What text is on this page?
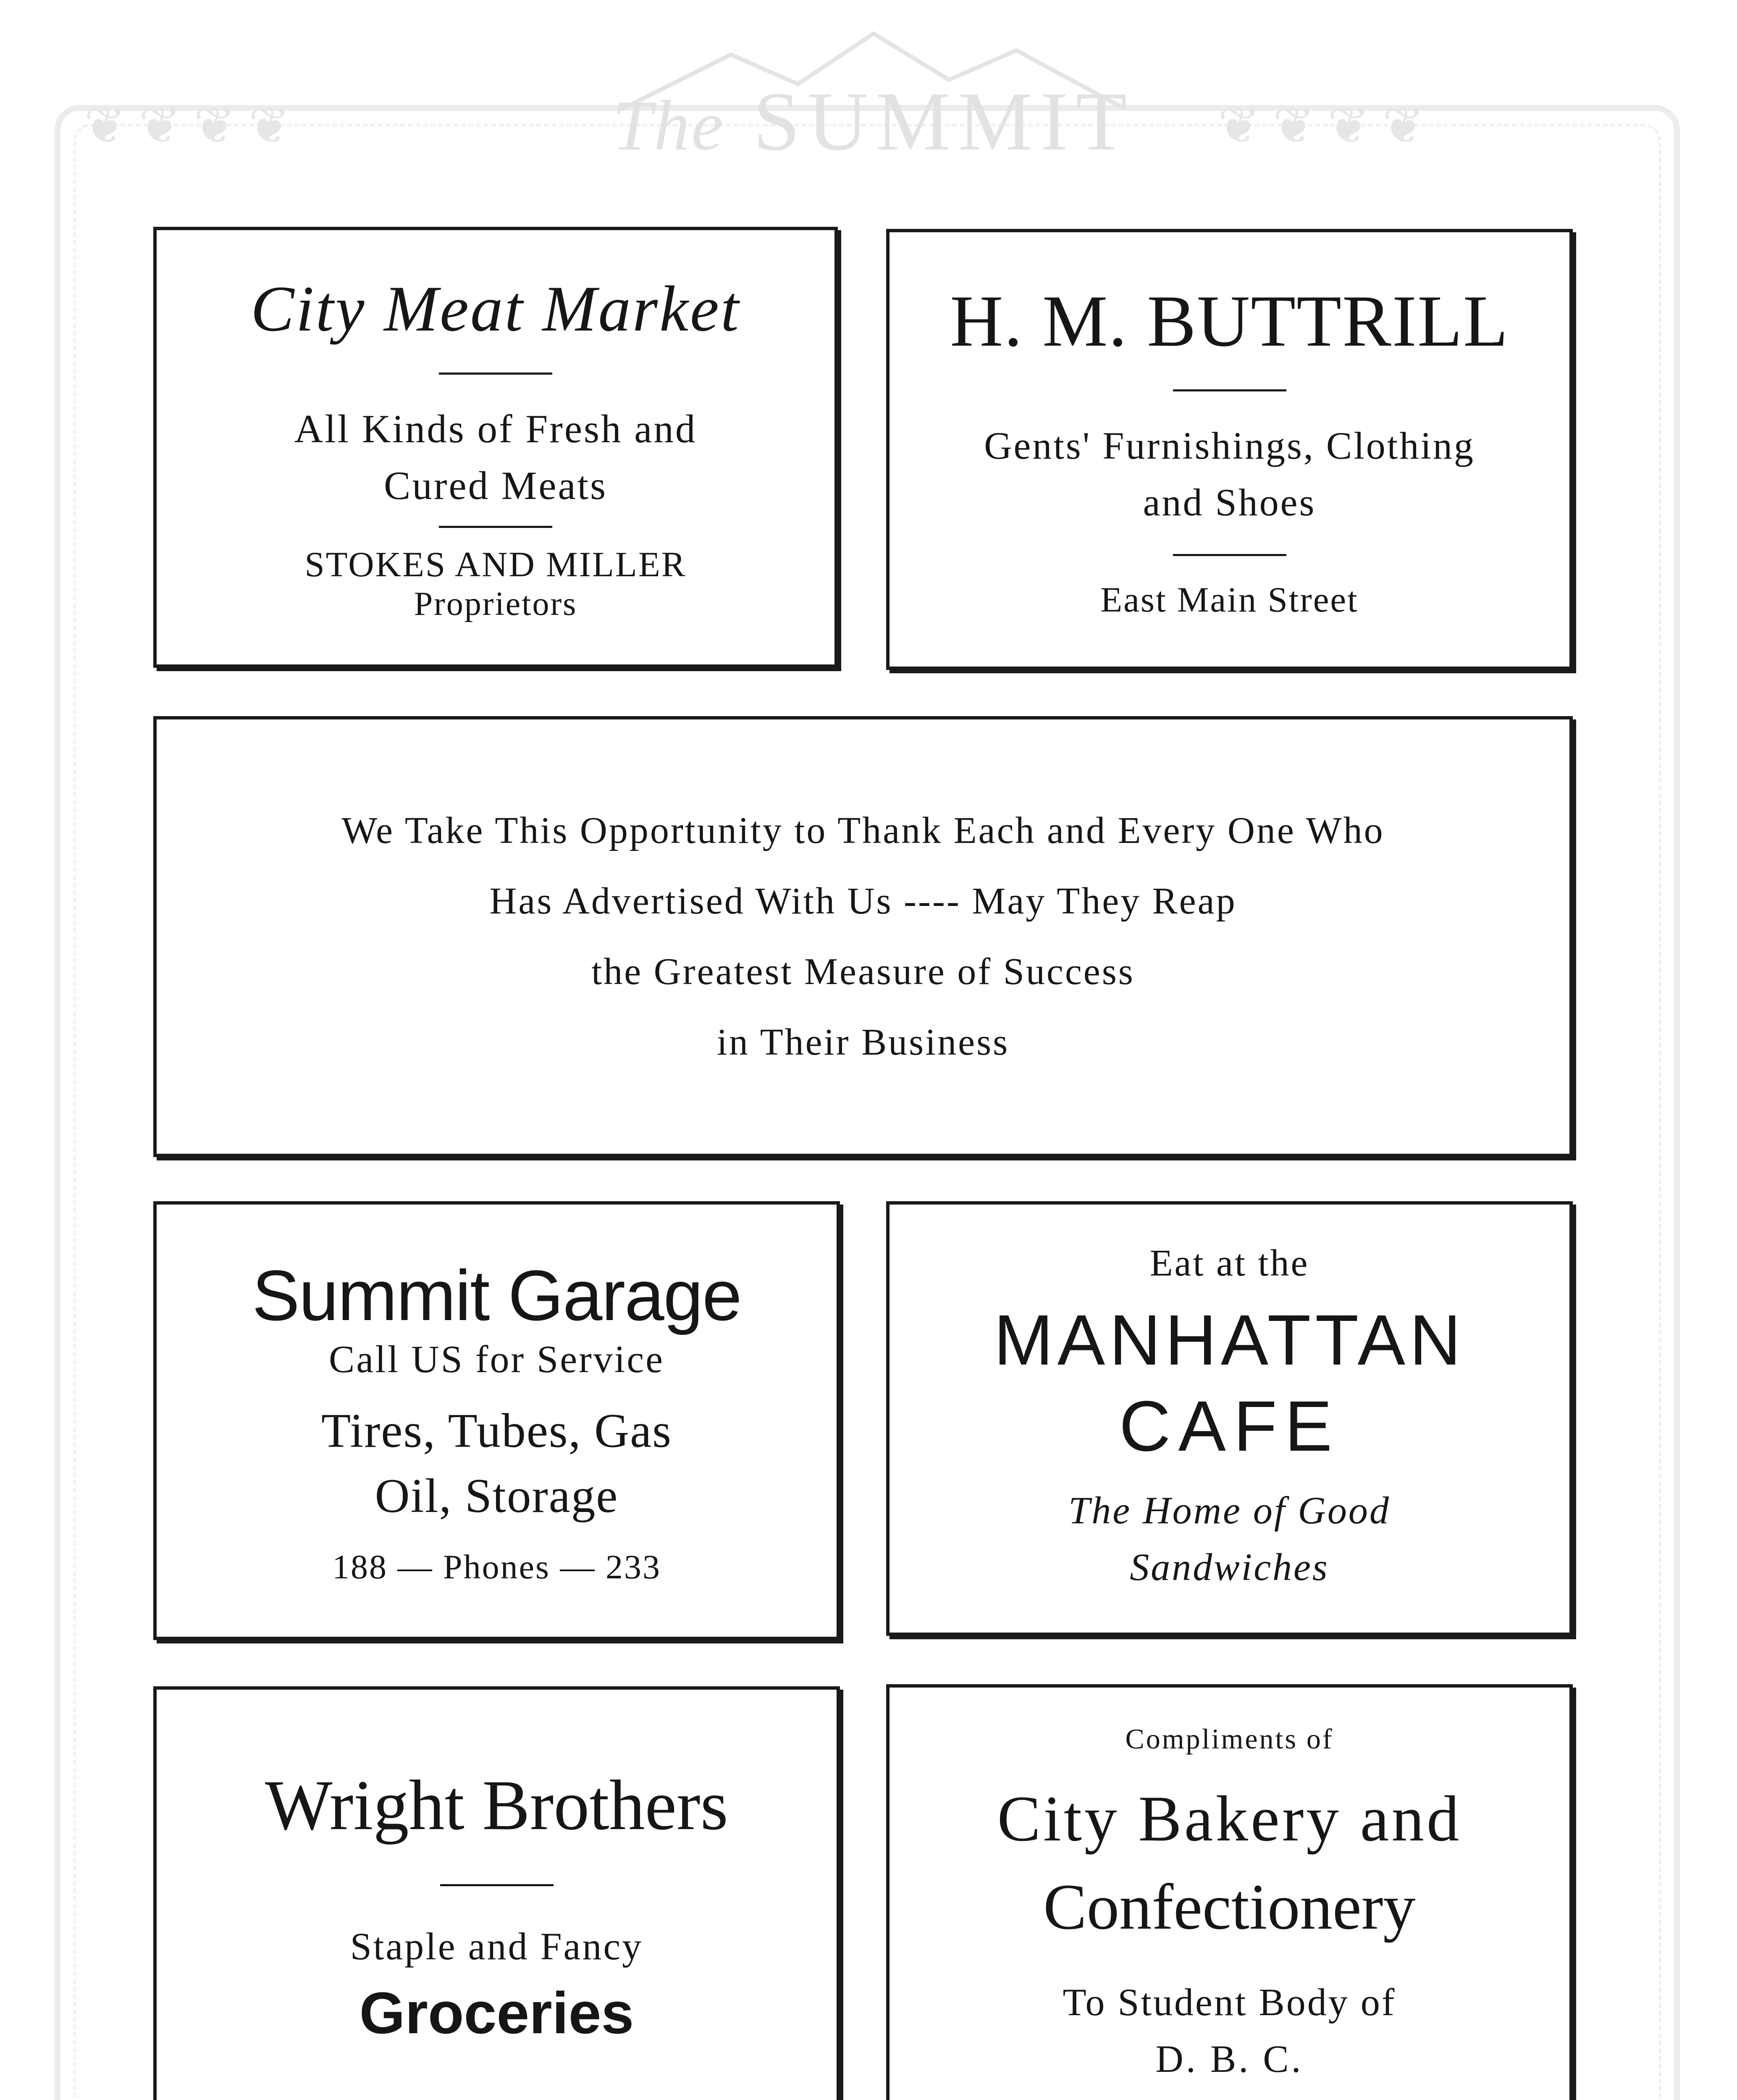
The SUMMIT
❦ ❦ ❦ ❦	❦ ❦ ❦ ❦

City Meat Market

All Kinds of Fresh and

Cured Meats

STOKES AND MILLER

Proprietors

H. M. BUTTRILL

Gents' Furnishings, Clothing

and Shoes

East Main Street

We Take This Opportunity to Thank Each and Every One Who

Has Advertised With Us ---- May They Reap

the Greatest Measure of Success

in Their Business

Summit Garage

Call US for Service

Tires, Tubes, Gas

Oil, Storage

188 — Phones — 233

Eat at the

MANHATTAN

CAFE

The Home of Good

Sandwiches

Wright Brothers

Staple and Fancy

Groceries

Compliments of

City Bakery and

Confectionery

To Student Body of

D. B. C.
